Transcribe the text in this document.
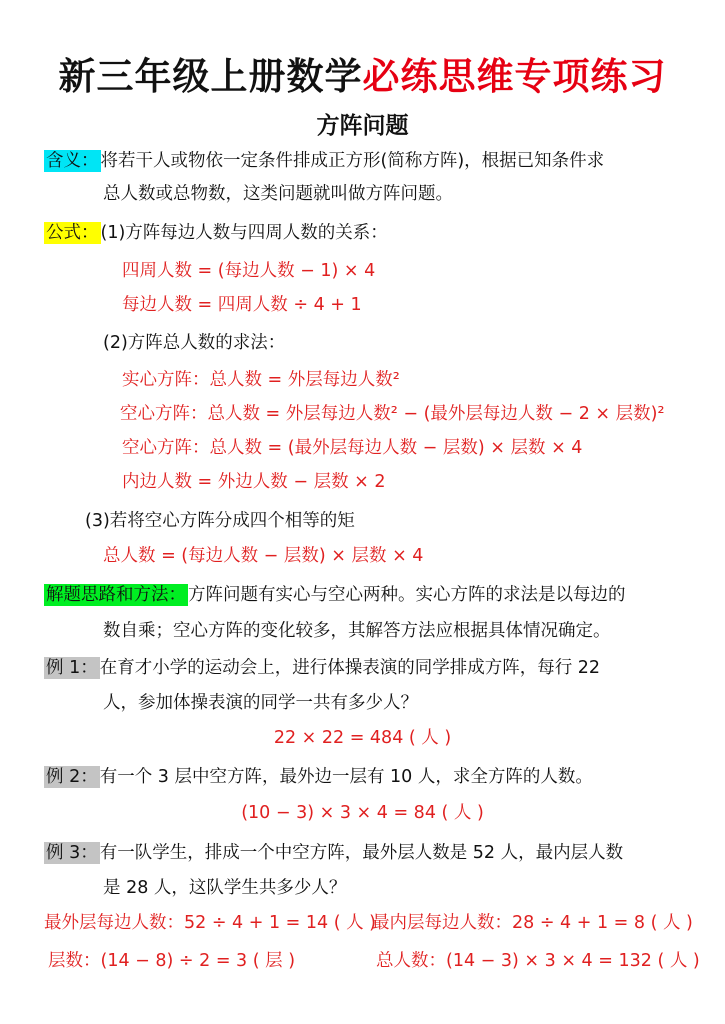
新三年级上册数学必练思维专项练习
方阵问题
含义： 将若干人或物依一定条件排成正方形(简称方阵)，根据已知条件求
总人数或总物数，这类问题就叫做方阵问题。
公式： (1)方阵每边人数与四周人数的关系：
四周人数 = (每边人数 − 1) × 4
每边人数 = 四周人数 ÷ 4 + 1
(2)方阵总人数的求法：
实心方阵：总人数 = 外层每边人数²
空心方阵：总人数 = 外层每边人数² − (最外层每边人数 − 2 × 层数)²
空心方阵：总人数 = (最外层每边人数 − 层数) × 层数 × 4
内边人数 = 外边人数 − 层数 × 2
(3)若将空心方阵分成四个相等的矩
总人数 = (每边人数 − 层数) × 层数 × 4
解题思路和方法： 方阵问题有实心与空心两种。实心方阵的求法是以每边的
数自乘；空心方阵的变化较多，其解答方法应根据具体情况确定。
例 1： 在育才小学的运动会上，进行体操表演的同学排成方阵，每行 22
人，参加体操表演的同学一共有多少人？
22 × 22 = 484 ( 人 )
例 2： 有一个 3 层中空方阵，最外边一层有 10 人，求全方阵的人数。
(10 − 3) × 3 × 4 = 84 ( 人 )
例 3： 有一队学生，排成一个中空方阵，最外层人数是 52 人，最内层人数
是 28 人，这队学生共多少人？
最外层每边人数：52 ÷ 4 + 1 = 14 ( 人 )
最内层每边人数：28 ÷ 4 + 1 = 8 ( 人 )
层数：(14 − 8) ÷ 2 = 3 ( 层 )	总人数：(14 − 3) × 3 × 4 = 132 ( 人 )
